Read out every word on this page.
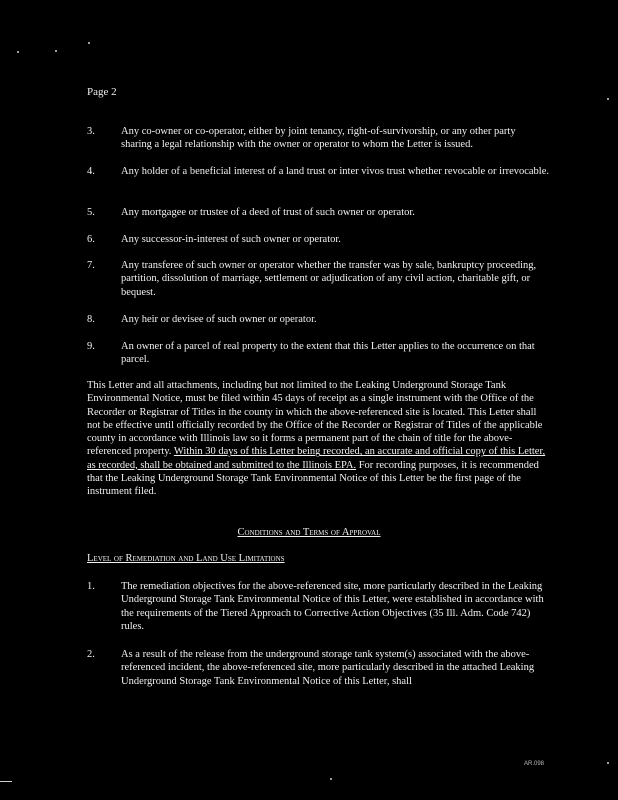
Page 2
3. Any co-owner or co-operator, either by joint tenancy, right-of-survivorship, or any other party sharing a legal relationship with the owner or operator to whom the Letter is issued.
4. Any holder of a beneficial interest of a land trust or inter vivos trust whether revocable or irrevocable.
5. Any mortgagee or trustee of a deed of trust of such owner or operator.
6. Any successor-in-interest of such owner or operator.
7. Any transferee of such owner or operator whether the transfer was by sale, bankruptcy proceeding, partition, dissolution of marriage, settlement or adjudication of any civil action, charitable gift, or bequest.
8. Any heir or devisee of such owner or operator.
9. An owner of a parcel of real property to the extent that this Letter applies to the occurrence on that parcel.
This Letter and all attachments, including but not limited to the Leaking Underground Storage Tank Environmental Notice, must be filed within 45 days of receipt as a single instrument with the Office of the Recorder or Registrar of Titles in the county in which the above-referenced site is located. This Letter shall not be effective until officially recorded by the Office of the Recorder or Registrar of Titles of the applicable county in accordance with Illinois law so it forms a permanent part of the chain of title for the above-referenced property. Within 30 days of this Letter being recorded, an accurate and official copy of this Letter, as recorded, shall be obtained and submitted to the Illinois EPA. For recording purposes, it is recommended that the Leaking Underground Storage Tank Environmental Notice of this Letter be the first page of the instrument filed.
Conditions and Terms of Approval
Level of Remediation and Land Use Limitations
1. The remediation objectives for the above-referenced site, more particularly described in the Leaking Underground Storage Tank Environmental Notice of this Letter, were established in accordance with the requirements of the Tiered Approach to Corrective Action Objectives (35 Ill. Adm. Code 742) rules.
2. As a result of the release from the underground storage tank system(s) associated with the above-referenced incident, the above-referenced site, more particularly described in the attached Leaking Underground Storage Tank Environmental Notice of this Letter, shall
AR.098
